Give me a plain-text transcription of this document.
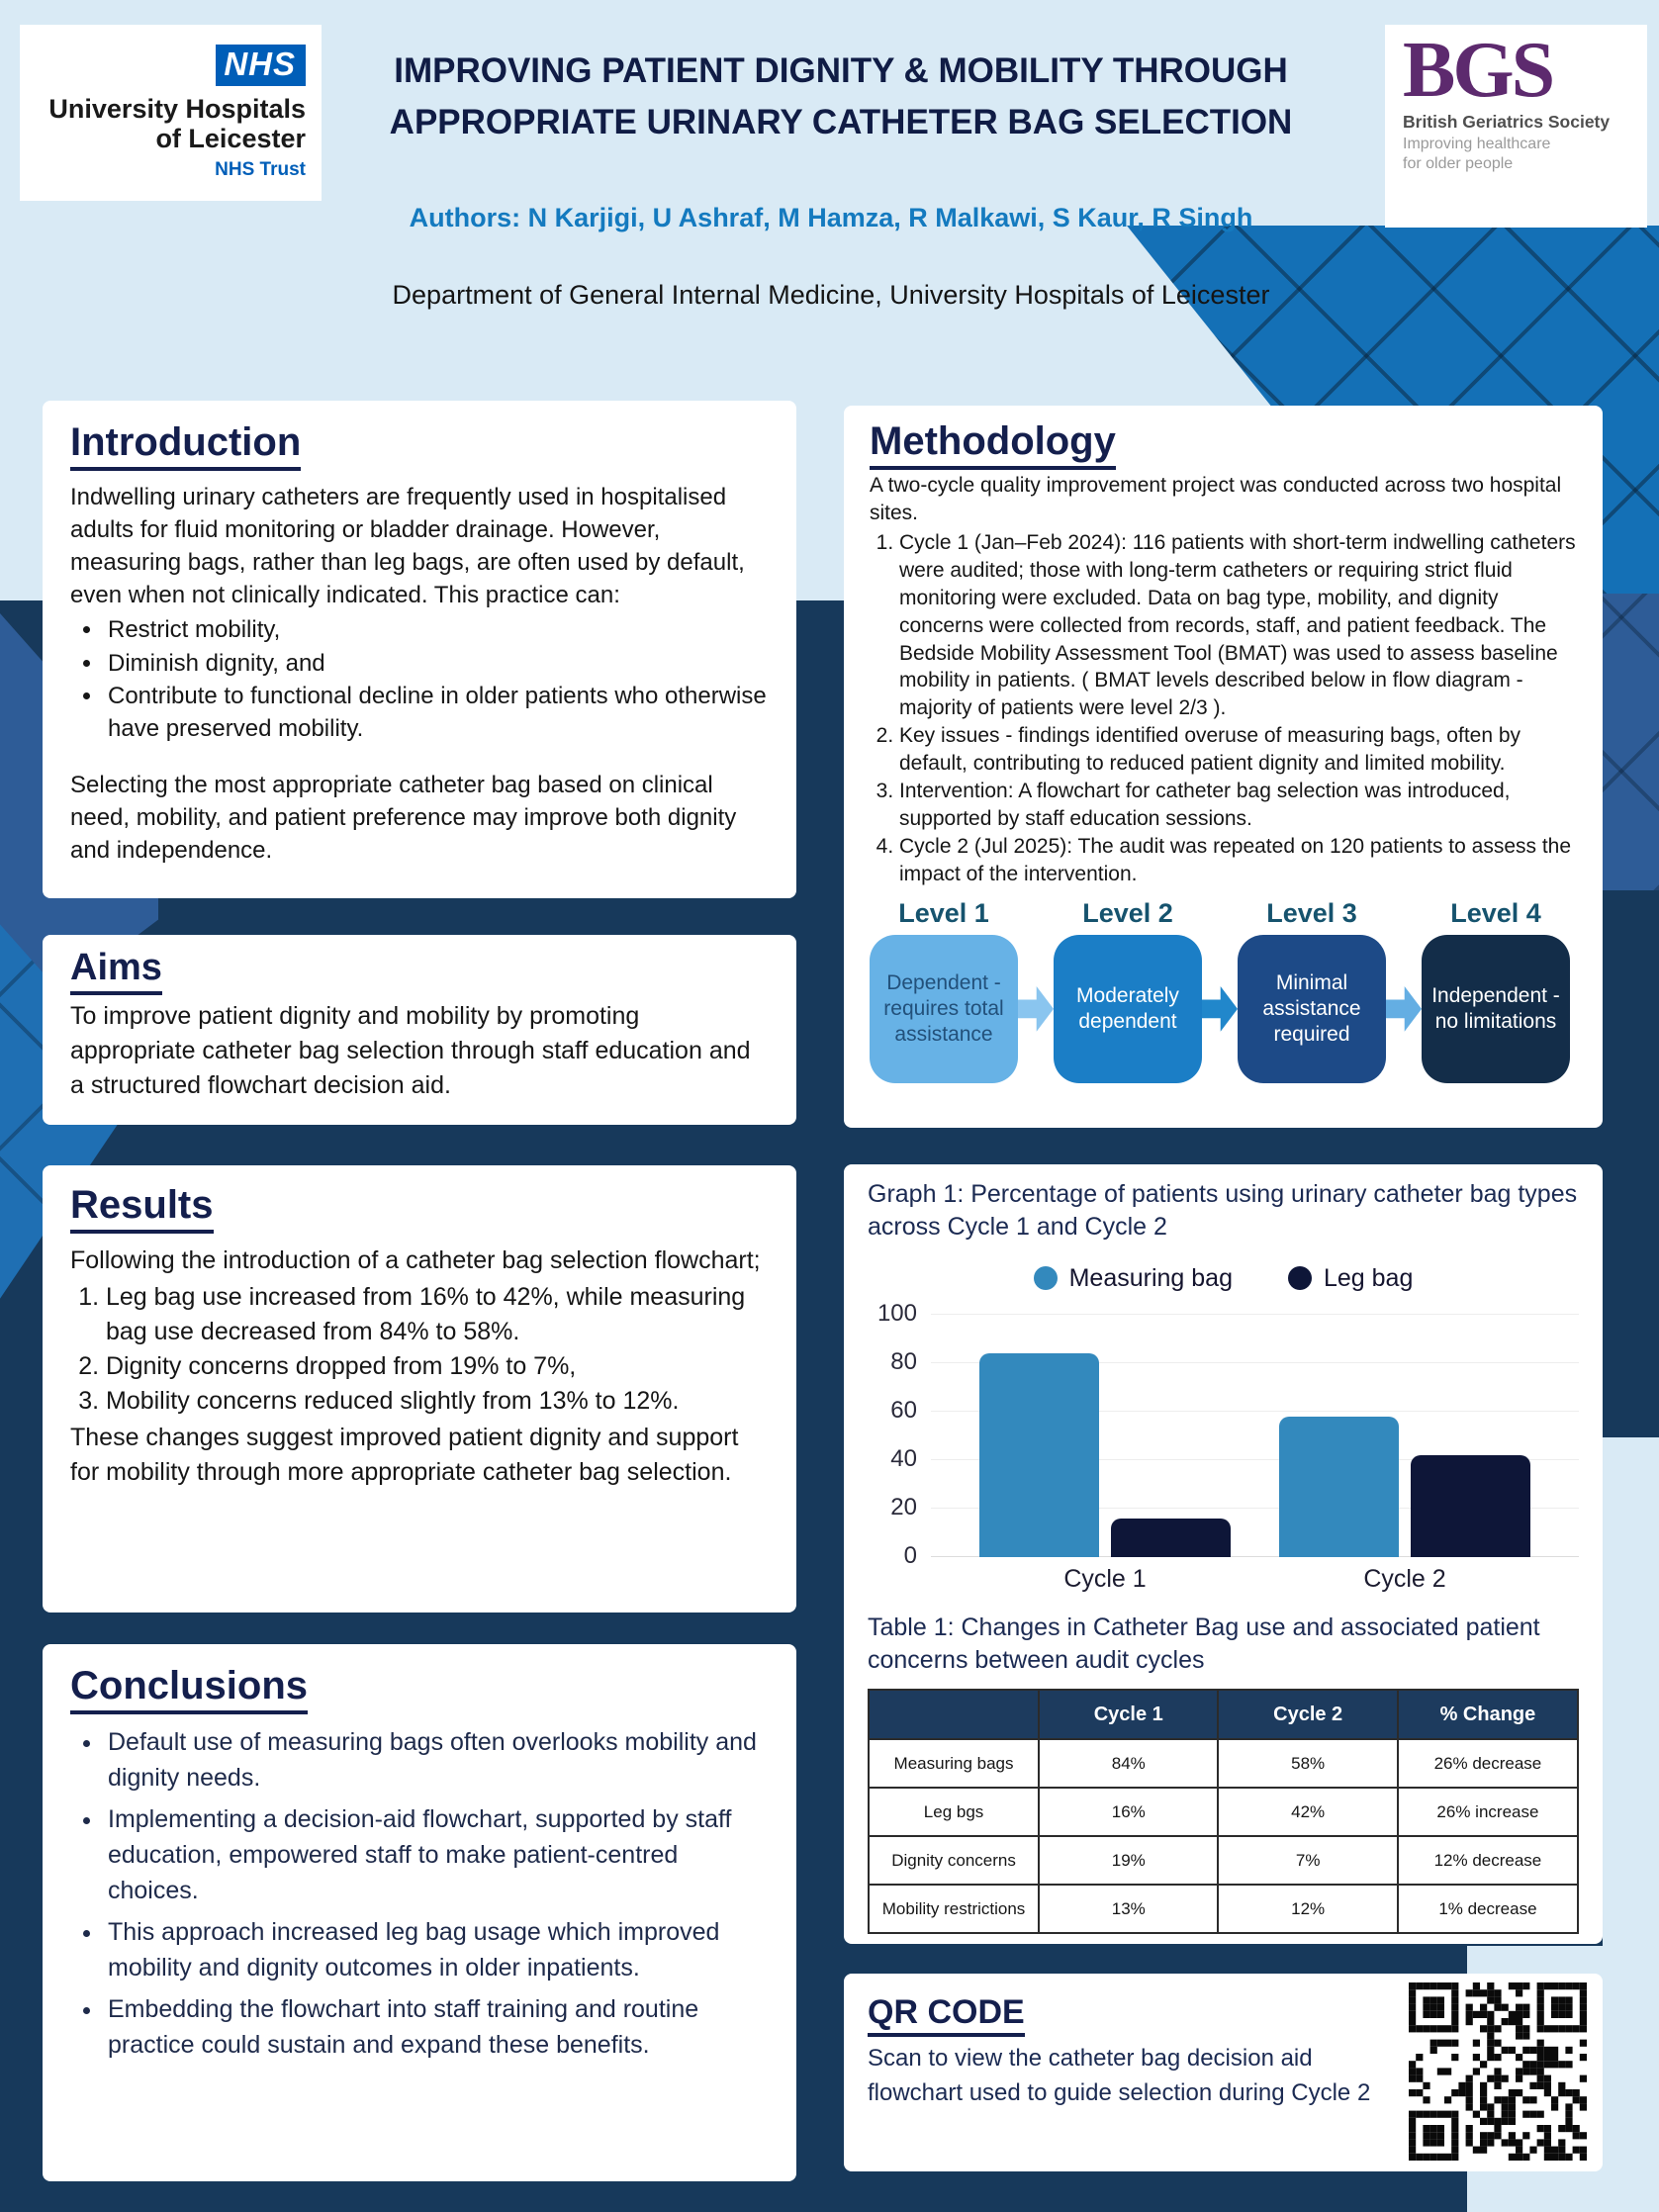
NHS
University Hospitals
of Leicester
NHS Trust
IMPROVING PATIENT DIGNITY & MOBILITY THROUGH
APPROPRIATE URINARY CATHETER BAG SELECTION
Authors: N Karjigi, U Ashraf, M Hamza, R Malkawi, S Kaur, R Singh
Department of General Internal Medicine, University Hospitals of Leicester
BGS
British Geriatrics Society
Improving healthcare
for older people
Introduction
Indwelling urinary catheters are frequently used in hospitalised adults for fluid monitoring or bladder drainage. However, measuring bags, rather than leg bags, are often used by default, even when not clinically indicated. This practice can:
• Restrict mobility,
• Diminish dignity, and
• Contribute to functional decline in older patients who otherwise have preserved mobility.
Selecting the most appropriate catheter bag based on clinical need, mobility, and patient preference may improve both dignity and independence.
Methodology
A two-cycle quality improvement project was conducted across two hospital sites.
1. Cycle 1 (Jan–Feb 2024): 116 patients with short-term indwelling catheters were audited; those with long-term catheters or requiring strict fluid monitoring were excluded. Data on bag type, mobility, and dignity concerns were collected from records, staff, and patient feedback. The Bedside Mobility Assessment Tool (BMAT) was used to assess baseline mobility in patients. ( BMAT levels described below in flow diagram - majority of patients were level 2/3 ).
2. Key issues - findings identified overuse of measuring bags, often by default, contributing to reduced patient dignity and limited mobility.
3. Intervention: A flowchart for catheter bag selection was introduced, supported by staff education sessions.
4. Cycle 2 (Jul 2025): The audit was repeated on 120 patients to assess the impact of the intervention.
Level 1
Dependent - requires total assistance
Level 2
Moderately dependent
Level 3
Minimal assistance required
Level 4
Independent - no limitations
Aims
To improve patient dignity and mobility by promoting appropriate catheter bag selection through staff education and a structured flowchart decision aid.
Results
Following the introduction of a catheter bag selection flowchart;
1. Leg bag use increased from 16% to 42%, while measuring bag use decreased from 84% to 58%.
2. Dignity concerns dropped from 19% to 7%,
3. Mobility concerns reduced slightly from 13% to 12%.
These changes suggest improved patient dignity and support for mobility through more appropriate catheter bag selection.
Graph 1: Percentage of patients using urinary catheter bag types across Cycle 1 and Cycle 2
Measuring bag	Leg bag
0
20
40
60
80
100
Cycle 1	Cycle 2
Table 1: Changes in Catheter Bag use and associated patient concerns between audit cycles
	Cycle 1	Cycle 2	% Change
Measuring bags	84%	58%	26% decrease
Leg bgs	16%	42%	26% increase
Dignity concerns	19%	7%	12% decrease
Mobility restrictions	13%	12%	1% decrease
Conclusions
• Default use of measuring bags often overlooks mobility and dignity needs.
• Implementing a decision-aid flowchart, supported by staff education, empowered staff to make patient-centred choices.
• This approach increased leg bag usage which improved mobility and dignity outcomes in older inpatients.
• Embedding the flowchart into staff training and routine practice could sustain and expand these benefits.
QR CODE
Scan to view the catheter bag decision aid flowchart used to guide selection during Cycle 2
